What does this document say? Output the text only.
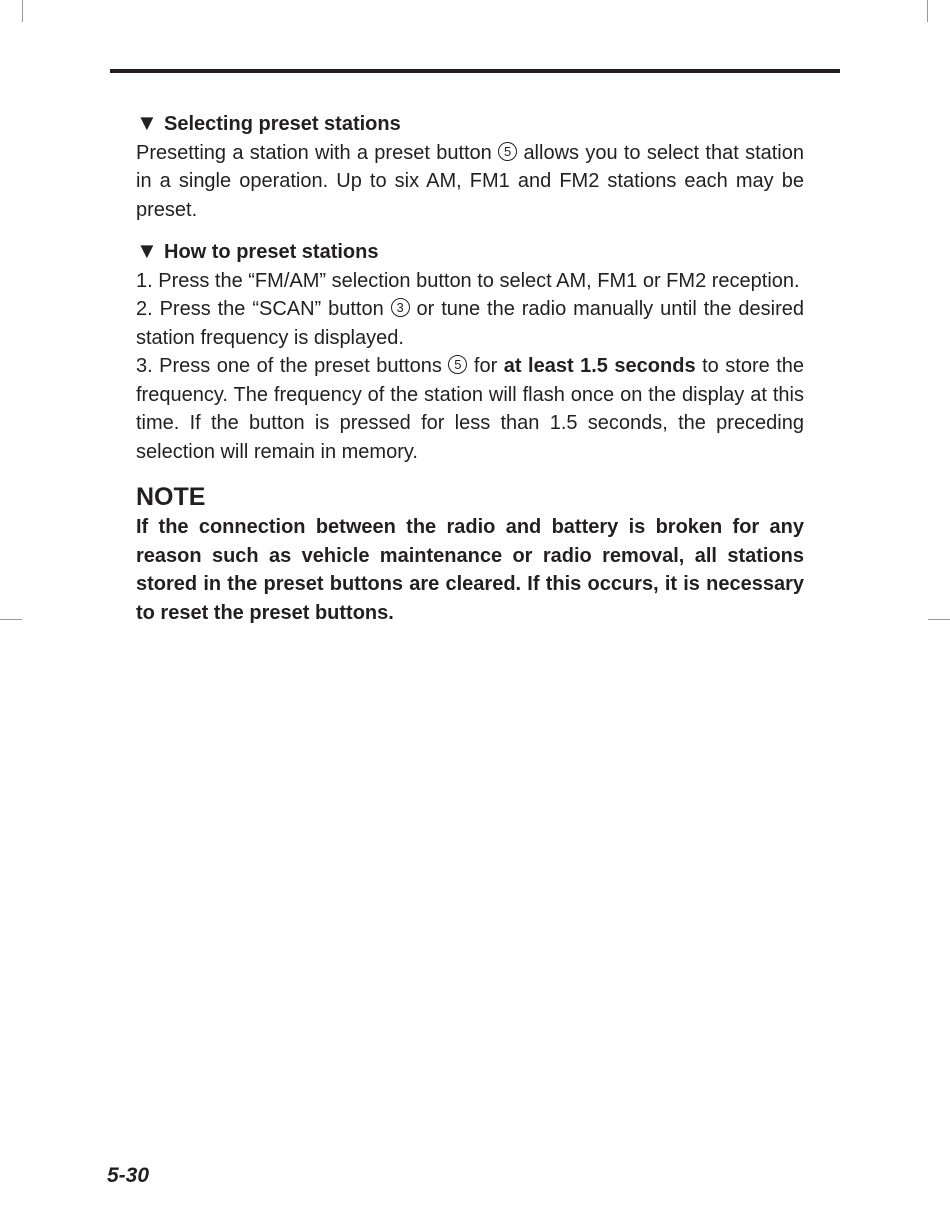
▼ Selecting preset stations

Presetting a station with a preset button 5 allows you to select that station in a single operation. Up to six AM, FM1 and FM2 stations each may be preset.

▼ How to preset stations

1. Press the “FM/AM” selection button to select AM, FM1 or FM2 reception.

2. Press the “SCAN” button 3 or tune the radio manually until the desired station frequency is displayed.

3. Press one of the preset buttons 5 for at least 1.5 seconds to store the frequency. The frequency of the station will flash once on the display at this time. If the button is pressed for less than 1.5 seconds, the preceding selection will remain in memory.

NOTE

If the connection between the radio and battery is broken for any reason such as vehicle maintenance or radio removal, all stations stored in the preset buttons are cleared. If this occurs, it is necessary to reset the preset buttons.

5-30
